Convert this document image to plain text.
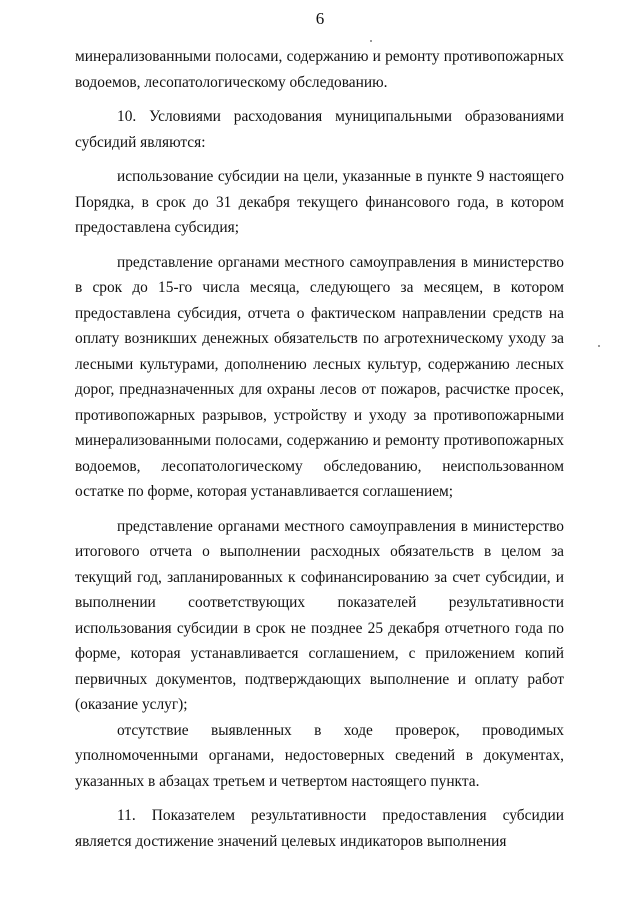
6

минерализованными полосами, содержанию и ремонту противопожарных водоемов, лесопатологическому обследованию.

10. Условиями расходования муниципальными образованиями субсидий являются:

использование субсидии на цели, указанные в пункте 9 настоящего Порядка, в срок до 31 декабря текущего финансового года, в котором предоставлена субсидия;

представление органами местного самоуправления в министерство в срок до 15-го числа месяца, следующего за месяцем, в котором предоставлена субсидия, отчета о фактическом направлении средств на оплату возникших денежных обязательств по агротехническому уходу за лесными культурами, дополнению лесных культур, содержанию лесных дорог, предназначенных для охраны лесов от пожаров, расчистке просек, противопожарных разрывов, устройству и уходу за противопожарными минерализованными полосами, содержанию и ремонту противопожарных водоемов, лесопатологическому обследованию, неиспользованном остатке по форме, которая устанавливается соглашением;

представление органами местного самоуправления в министерство итогового отчета о выполнении расходных обязательств в целом за текущий год, запланированных к софинансированию за счет субсидии, и выполнении соответствующих показателей результативности использования субсидии в срок не позднее 25 декабря отчетного года по форме, которая устанавливается соглашением, с приложением копий первичных документов, подтверждающих выполнение и оплату работ (оказание услуг);

отсутствие выявленных в ходе проверок, проводимых уполномоченными органами, недостоверных сведений в документах, указанных в абзацах третьем и четвертом настоящего пункта.

11. Показателем результативности предоставления субсидии является достижение значений целевых индикаторов выполнения
